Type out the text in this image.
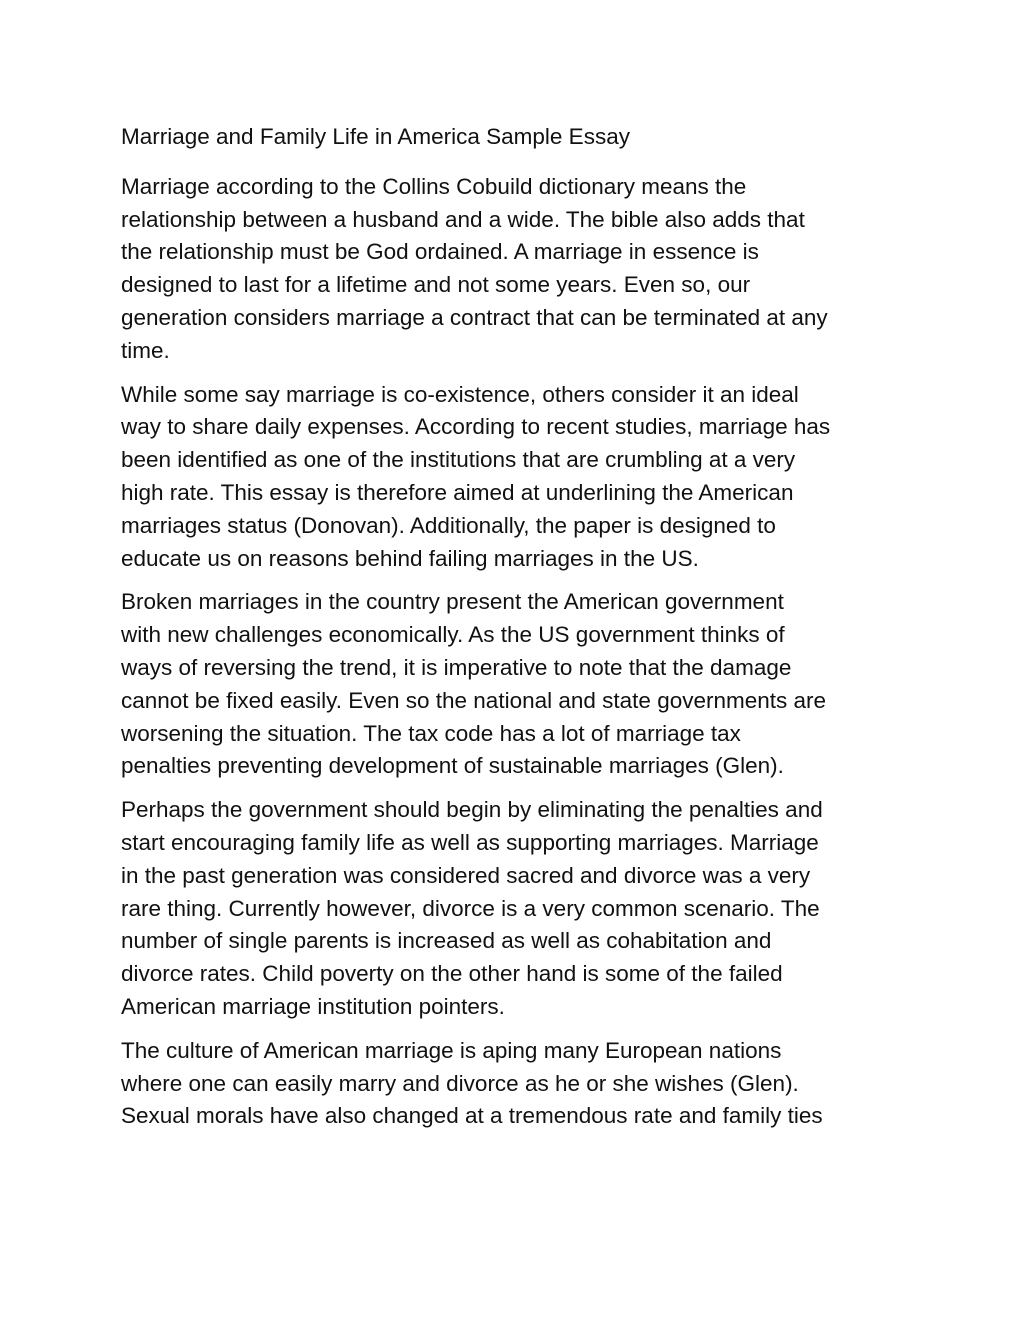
Marriage and Family Life in America Sample Essay
Marriage according to the Collins Cobuild dictionary means the
relationship between a husband and a wide. The bible also adds that
the relationship must be God ordained. A marriage in essence is
designed to last for a lifetime and not some years. Even so, our
generation considers marriage a contract that can be terminated at any
time.
While some say marriage is co-existence, others consider it an ideal
way to share daily expenses. According to recent studies, marriage has
been identified as one of the institutions that are crumbling at a very
high rate. This essay is therefore aimed at underlining the American
marriages status (Donovan). Additionally, the paper is designed to
educate us on reasons behind failing marriages in the US.
Broken marriages in the country present the American government
with new challenges economically. As the US government thinks of
ways of reversing the trend, it is imperative to note that the damage
cannot be fixed easily. Even so the national and state governments are
worsening the situation. The tax code has a lot of marriage tax
penalties preventing development of sustainable marriages (Glen).
Perhaps the government should begin by eliminating the penalties and
start encouraging family life as well as supporting marriages. Marriage
in the past generation was considered sacred and divorce was a very
rare thing. Currently however, divorce is a very common scenario. The
number of single parents is increased as well as cohabitation and
divorce rates. Child poverty on the other hand is some of the failed
American marriage institution pointers.
The culture of American marriage is aping many European nations
where one can easily marry and divorce as he or she wishes (Glen).
Sexual morals have also changed at a tremendous rate and family ties
